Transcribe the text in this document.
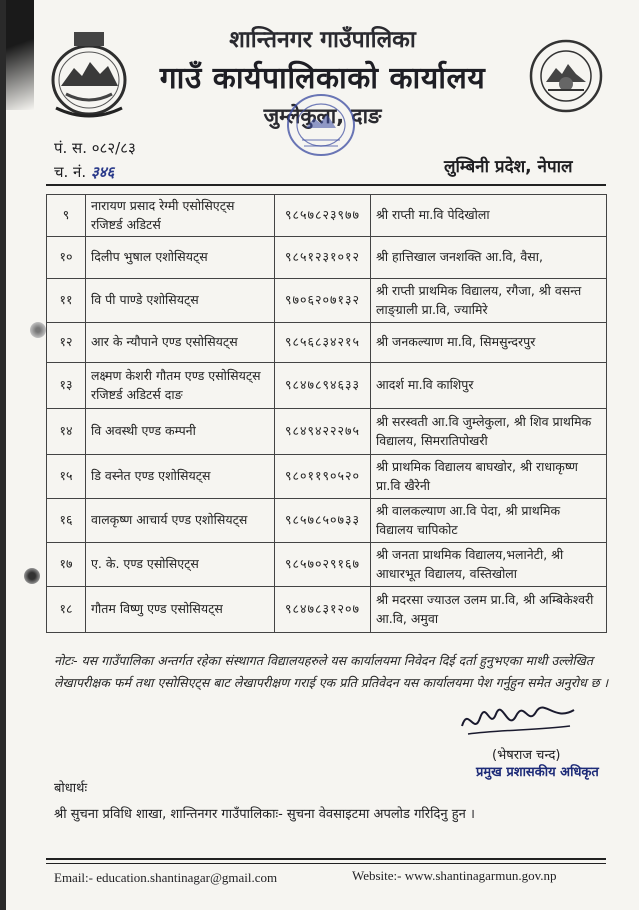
शान्तिनगर गाउँपालिका
गाउँ कार्यपालिकाको कार्यालय
जुम्लेकुला, दाङ
पं. स. ०८२/८३
च. नं. ३४६	लुम्बिनी प्रदेश, नेपाल
९	नारायण प्रसाद रेग्मी एसोसिएट्स रजिष्टर्ड अडिटर्स	९८५७८२३९७७	श्री राप्ती मा.वि पेदिखोला
१०	दिलीप भुषाल एशोसियट्स	९८५१२३१०१२	श्री हात्तिखाल जनशक्ति आ.वि, वैसा,
११	वि पी पाण्डे एशोसियट्स	९७०६२०७१३२	श्री राप्ती प्राथमिक विद्यालय, रगैजा, श्री वसन्त लाङ्ग्राली प्रा.वि, ज्यामिरे
१२	आर के न्यौपाने एण्ड एसोसियट्स	९८५६८३४२१५	श्री जनकल्याण मा.वि, सिमसुन्दरपुर
१३	लक्ष्मण केशरी गौतम एण्ड एसोसियट्स रजिष्टर्ड अडिटर्स दाङ	९८४७८९४६३३	आदर्श मा.वि काशिपुर
१४	वि अवस्थी एण्ड कम्पनी	९८४९४२२२७५	श्री सरस्वती आ.वि जुम्लेकुला, श्री शिव प्राथमिक विद्यालय, सिमरातिपोखरी
१५	डि वस्नेत एण्ड एशोसियट्स	९८०११९०५२०	श्री प्राथमिक विद्यालय बाघखोर, श्री राधाकृष्ण प्रा.वि खैरेनी
१६	वालकृष्ण आचार्य एण्ड एशोसियट्स	९८५७८५०७३३	श्री वालकल्याण आ.वि पेदा, श्री प्राथमिक विद्यालय चापिकोट
१७	ए. के. एण्ड एसोसिएट्स	९८५७०२९१६७	श्री जनता प्राथमिक विद्यालय,भलानेटी, श्री आधारभूत विद्यालय, वस्तिखोला
१८	गौतम विष्णु एण्ड एसोसियट्स	९८४७८३१२०७	श्री मदरसा ज्याउल उलम प्रा.वि, श्री अम्बिकेश्वरी आ.वि, अमुवा
नोटः- यस गाउँपालिका अन्तर्गत रहेका संस्थागत विद्यालयहरुले यस कार्यालयमा निवेदन दिई दर्ता हुनुभएका माथी उल्लेखित लेखापरीक्षक फर्म तथा एसोसिएट्स बाट लेखापरीक्षण गराई एक प्रति प्रतिवेदन यस कार्यालयमा पेश गर्नुहुन समेत अनुरोध छ ।
(भेषराज चन्द)
प्रमुख प्रशासकीय अधिकृत
बोधार्थः
श्री सुचना प्रविधि शाखा, शान्तिनगर गाउँपालिकाः- सुचना वेवसाइटमा अपलोड गरिदिनु हुन ।
Email:- education.shantinagar@gmail.com	Website:- www.shantinagarmun.gov.np
